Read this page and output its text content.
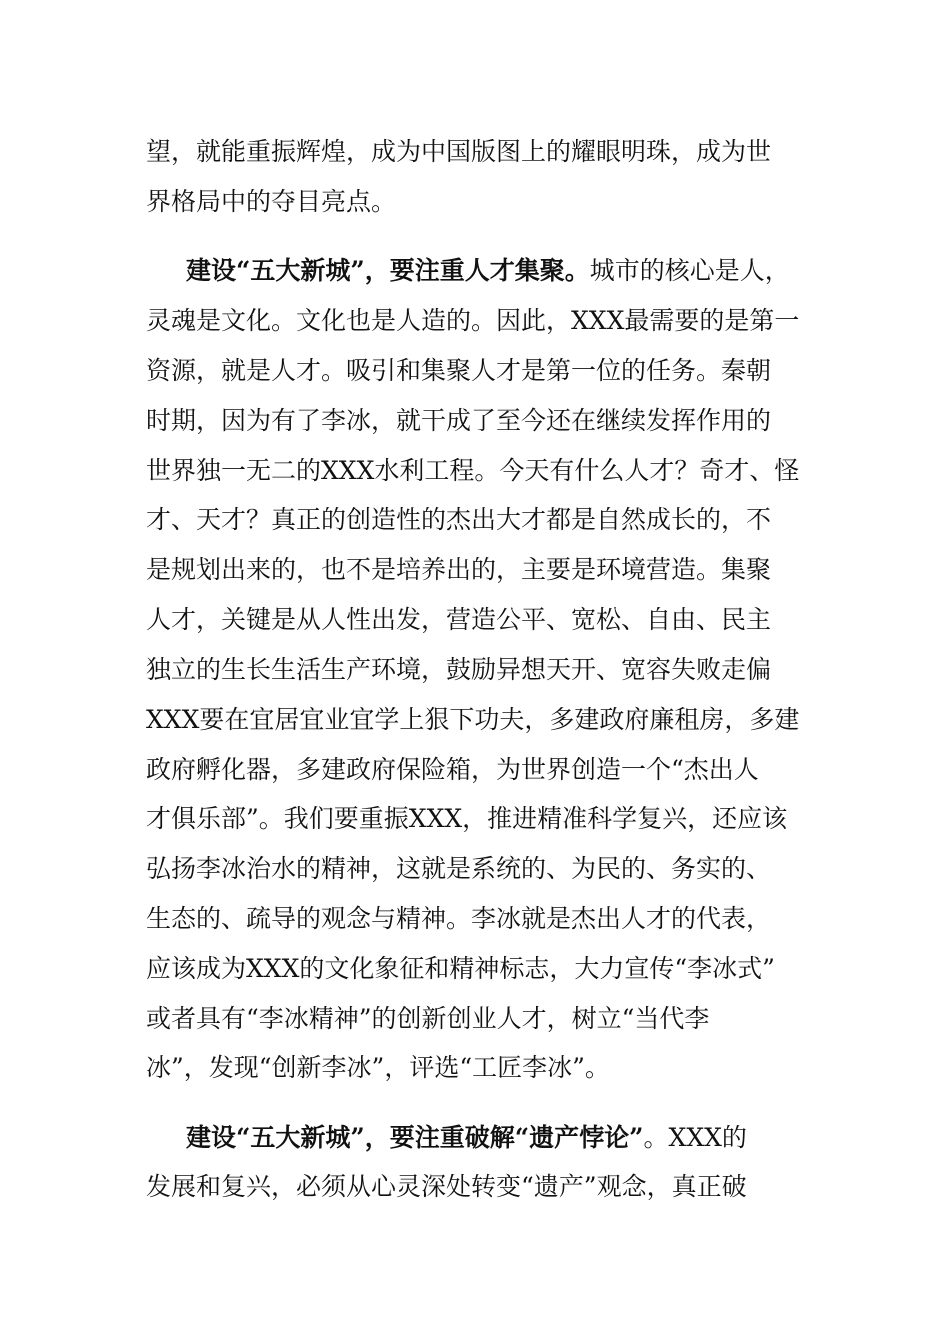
望，就能重振辉煌，成为中国版图上的耀眼明珠，成为世
界格局中的夺目亮点。
建设“五大新城”，要注重人才集聚。城市的核心是人，
灵魂是文化。文化也是人造的。因此，XXX最需要的是第一
资源，就是人才。吸引和集聚人才是第一位的任务。秦朝
时期，因为有了李冰，就干成了至今还在继续发挥作用的
世界独一无二的XXX水利工程。今天有什么人才？奇才、怪
才、天才？真正的创造性的杰出大才都是自然成长的，不
是规划出来的，也不是培养出的，主要是环境营造。集聚
人才，关键是从人性出发，营造公平、宽松、自由、民主
独立的生长生活生产环境，鼓励异想天开、宽容失败走偏
XXX要在宜居宜业宜学上狠下功夫，多建政府廉租房，多建
政府孵化器，多建政府保险箱，为世界创造一个“杰出人
才俱乐部”。我们要重振XXX，推进精准科学复兴，还应该
弘扬李冰治水的精神，这就是系统的、为民的、务实的、
生态的、疏导的观念与精神。李冰就是杰出人才的代表，
应该成为XXX的文化象征和精神标志，大力宣传“李冰式”
或者具有“李冰精神”的创新创业人才，树立“当代李
冰”，发现“创新李冰”，评选“工匠李冰”。
建设“五大新城”，要注重破解“遗产悖论”。XXX的
发展和复兴，必须从心灵深处转变“遗产”观念，真正破
